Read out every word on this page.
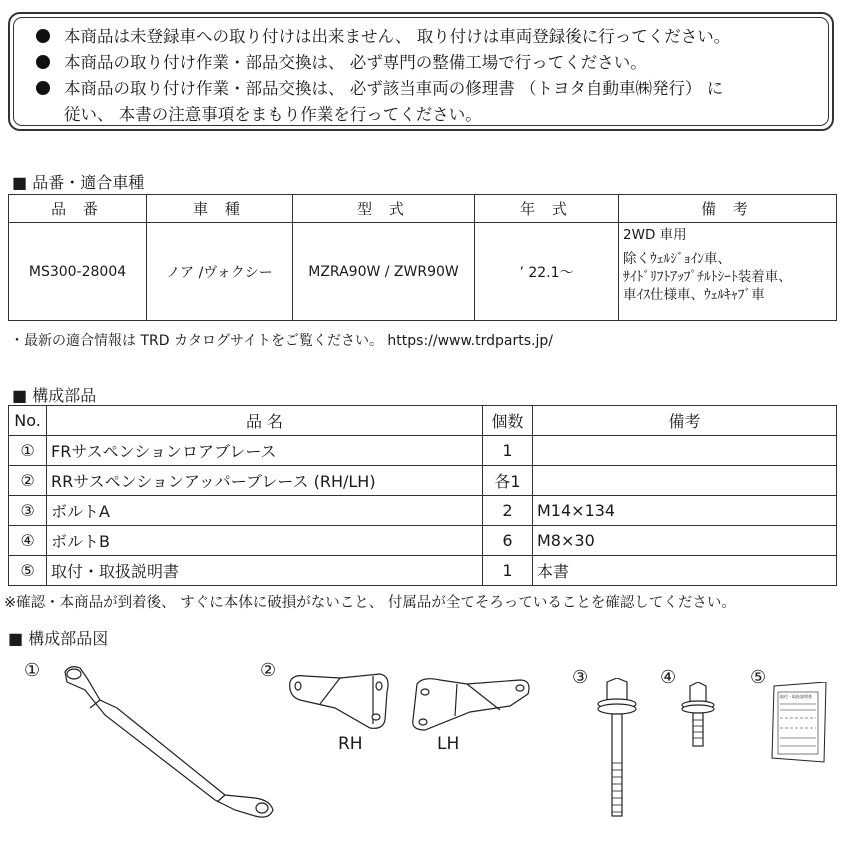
本商品は未登録車への取り付けは出来ません、 取り付けは車両登録後に行ってください。
本商品の取り付け作業・部品交換は、 必ず専門の整備工場で行ってください。
本商品の取り付け作業・部品交換は、 必ず該当車両の修理書 （トヨタ自動車㈱発行） に
従い、 本書の注意事項をまもり作業を行ってください。
■ 品番・適合車種
品 番	車 種	型 式	年 式	備 考
MS300-28004	ノア /ヴォクシー	MZRA90W / ZWR90W	’ 22.1～	2WD 車用
除くｳｪﾙｼﾞｮｲﾝ車、
ｻｲﾄﾞﾘﾌﾄｱｯﾌﾟﾁﾙﾄｼｰﾄ装着車、
車ｲｽ仕様車、ｳｪﾙｷｬﾌﾞ車
・最新の適合情報は TRD カタログサイトをご覧ください。 https://www.trdparts.jp/
■ 構成部品
No.	品 名	個数	備考
①	FRサスペンションロアブレース	1	
②	RRサスペンションアッパーブレース (RH/LH)	各1	
③	ボルトA	2	M14×134
④	ボルトB	6	M8×30
⑤	取付・取扱説明書	1	本書
※確認・本商品が到着後、 すぐに本体に破損がないこと、 付属品が全てそろっていることを確認してください。
■ 構成部品図
①	②	③	④	⑤
RH	LH
取付・取扱説明書
